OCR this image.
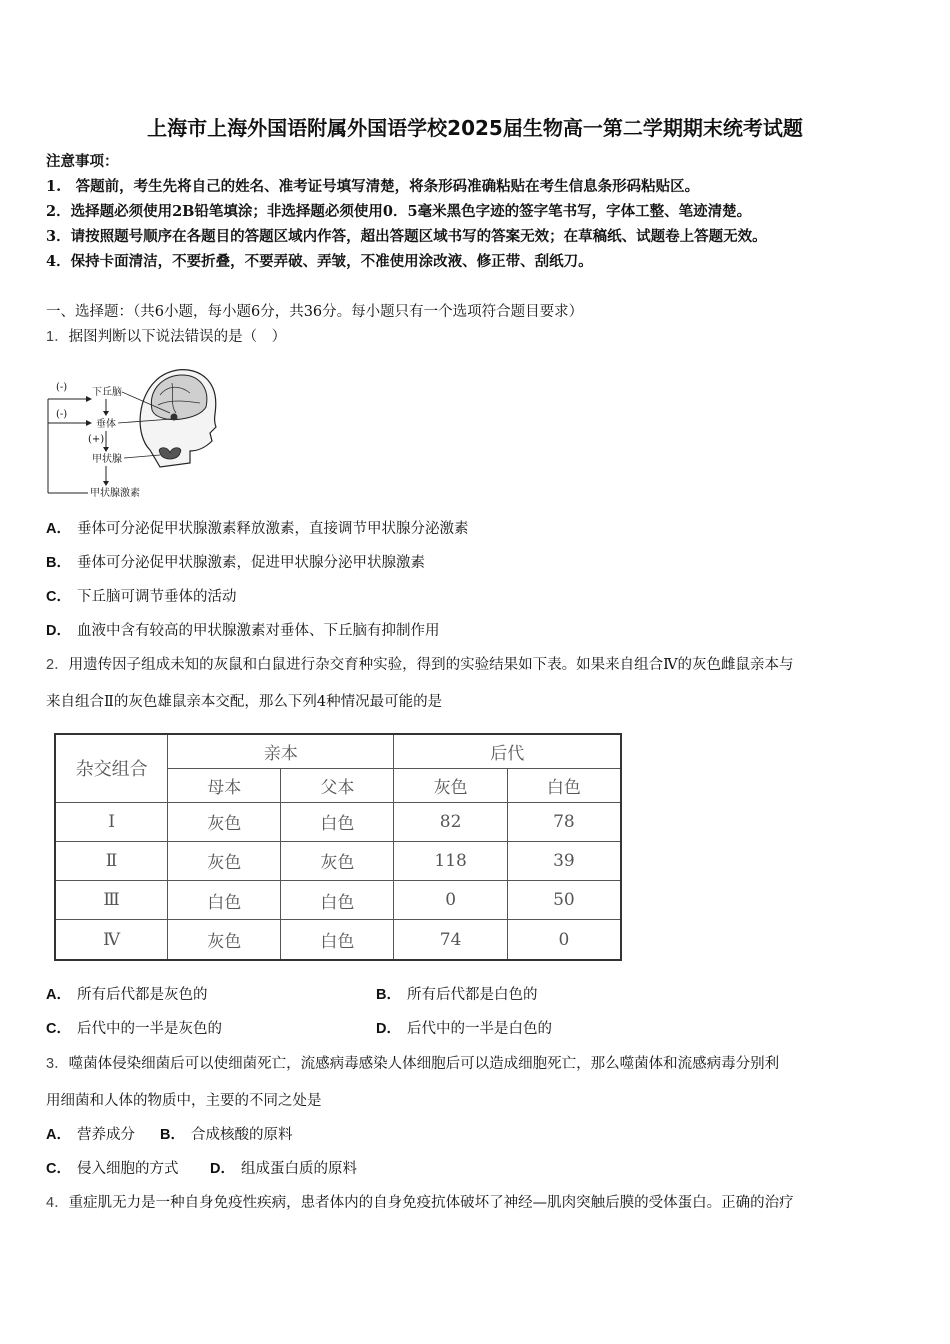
上海市上海外国语附属外国语学校2025届生物高一第二学期期末统考试题
注意事项：
1.　答题前，考生先将自己的姓名、准考证号填写清楚，将条形码准确粘贴在考生信息条形码粘贴区。
2．选择题必须使用2B铅笔填涂；非选择题必须使用0．5毫米黑色字迹的签字笔书写，字体工整、笔迹清楚。
3．请按照题号顺序在各题目的答题区域内作答，超出答题区域书写的答案无效；在草稿纸、试题卷上答题无效。
4．保持卡面清洁，不要折叠，不要弄破、弄皱，不准使用涂改液、修正带、刮纸刀。
一、选择题：（共6小题，每小题6分，共36分。每小题只有一个选项符合题目要求）
1．据图判断以下说法错误的是（　）
(-)
(-)
下丘脑
垂体
(+)
甲状腺
甲状腺激素
A． 垂体可分泌促甲状腺激素释放激素，直接调节甲状腺分泌激素
B． 垂体可分泌促甲状腺激素，促进甲状腺分泌甲状腺激素
C． 下丘脑可调节垂体的活动
D． 血液中含有较高的甲状腺激素对垂体、下丘脑有抑制作用
2．用遗传因子组成未知的灰鼠和白鼠进行杂交育种实验，得到的实验结果如下表。如果来自组合Ⅳ的灰色雌鼠亲本与
来自组合Ⅱ的灰色雄鼠亲本交配，那么下列4种情况最可能的是
杂交组合	亲本		后代	
	母本	父本	灰色	白色
Ⅰ	灰色	白色	82	78
Ⅱ	灰色	灰色	118	39
Ⅲ	白色	白色	0	50
Ⅳ	灰色	白色	74	0
A． 所有后代都是灰色的	B． 所有后代都是白色的
C． 后代中的一半是灰色的	D． 后代中的一半是白色的
3．噬菌体侵染细菌后可以使细菌死亡，流感病毒感染人体细胞后可以造成细胞死亡，那么噬菌体和流感病毒分别利
用细菌和人体的物质中，主要的不同之处是
A． 营养成分 B． 合成核酸的原料
C． 侵入细胞的方式 D． 组成蛋白质的原料
4．重症肌无力是一种自身免疫性疾病，患者体内的自身免疫抗体破坏了神经—肌肉突触后膜的受体蛋白。正确的治疗
